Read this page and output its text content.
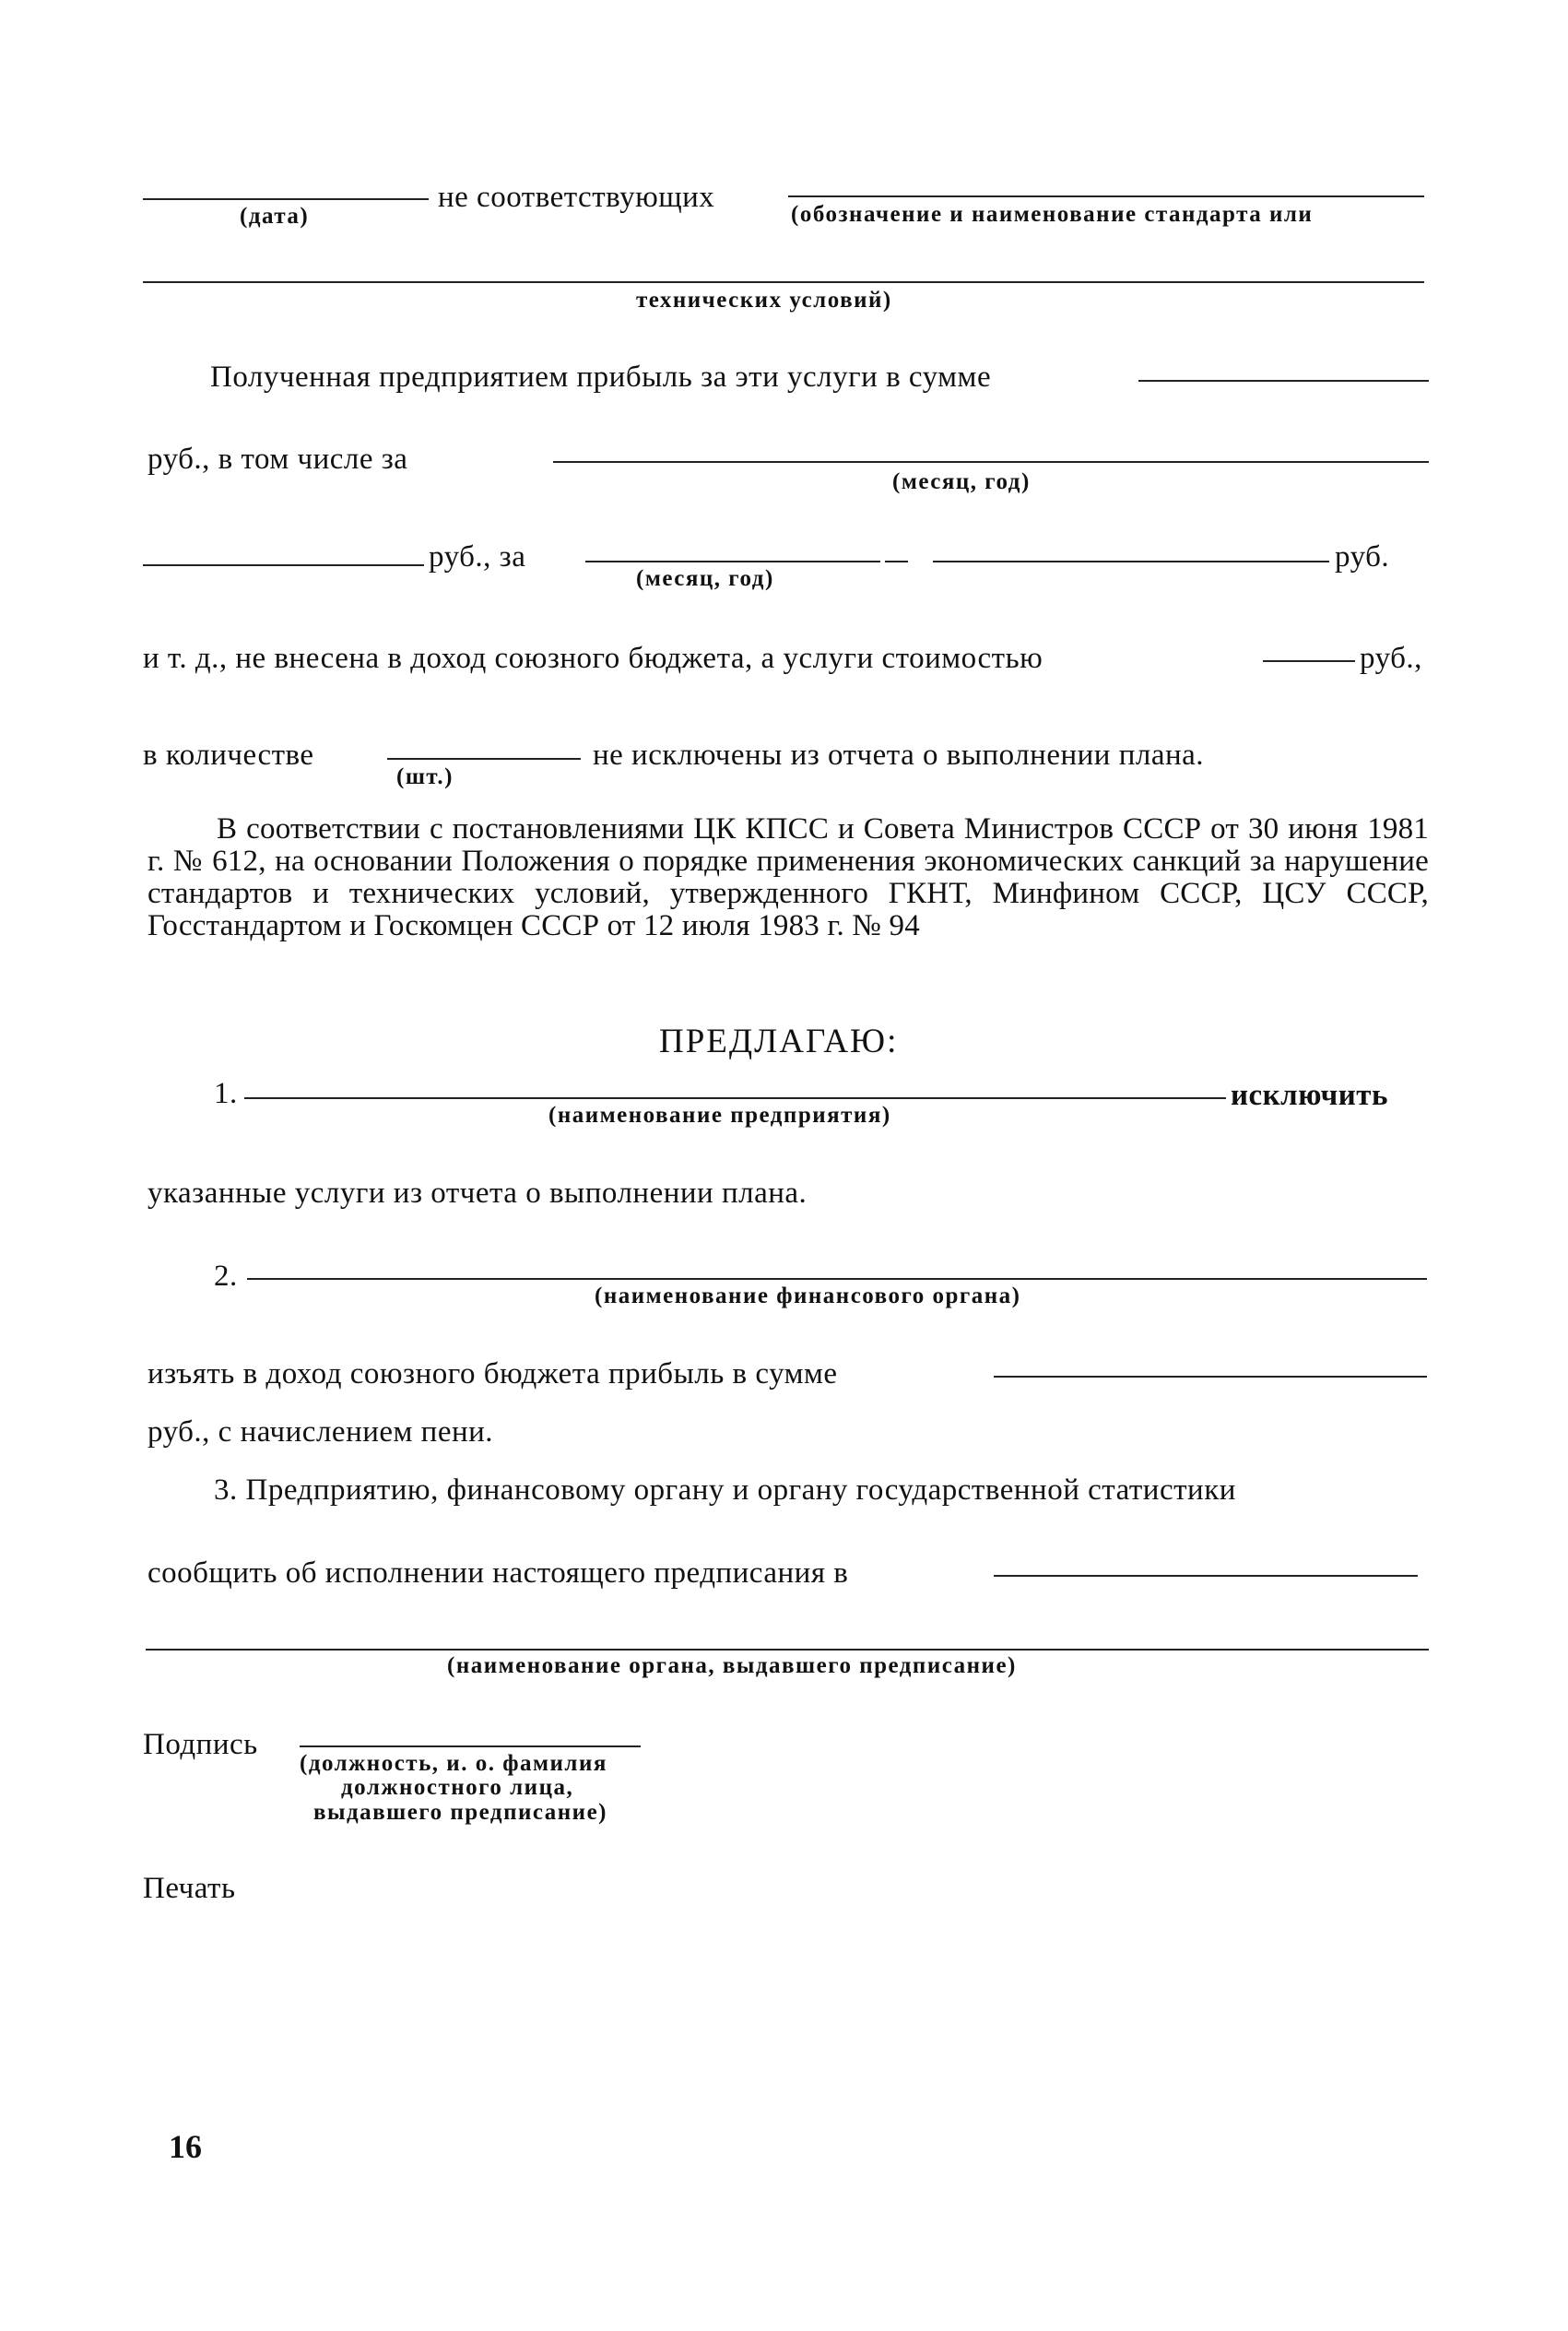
(дата)
не соответствующих
(обозначение и наименование стандарта или
технических условий)
Полученная предприятием прибыль за эти услуги в сумме
руб., в том числе за
(месяц, год)
руб., за
(месяц, год)
руб.
и т. д., не внесена в доход союзного бюджета, а услуги стоимостью	руб.,
в количестве
(шт.)
не исключены из отчета о выполнении плана.
В соответствии с постановлениями ЦК КПСС и Совета Министров СССР от 30 июня 1981 г. № 612, на основании Положения о порядке применения экономических санкций за нарушение стандартов и технических условий, утвержденного ГКНТ, Минфином СССР, ЦСУ СССР, Госстандартом и Госкомцен СССР от 12 июля 1983 г. № 94
ПРЕДЛАГАЮ:
1.
(наименование предприятия)
исключить
указанные услуги из отчета о выполнении плана.
2.
(наименование финансового органа)
изъять в доход союзного бюджета прибыль в сумме
руб., с начислением пени.
3. Предприятию, финансовому органу и органу государственной статистики
сообщить об исполнении настоящего предписания в
(наименование органа, выдавшего предписание)
Подпись
(должность, и. о. фамилия
должностного лица,
выдавшего предписание)
Печать
16
